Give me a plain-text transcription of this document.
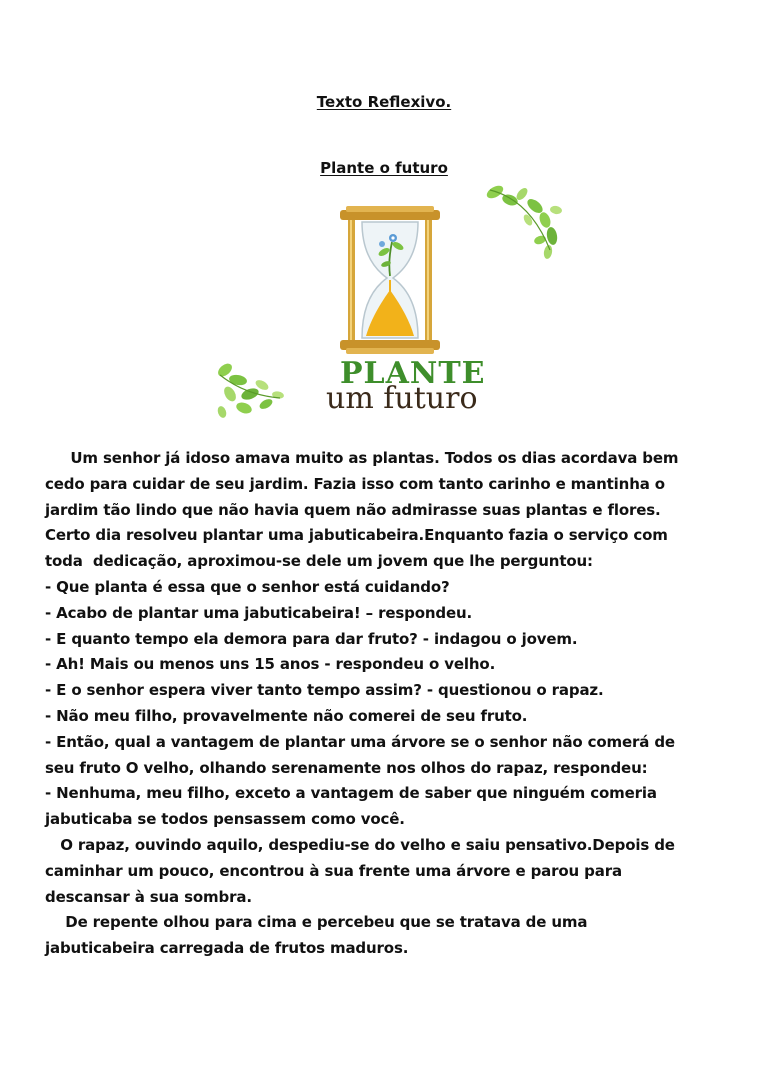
Texto Reflexivo.
Plante o futuro
PLANTE
um futuro
Um senhor já idoso amava muito as plantas. Todos os dias acordava bem
cedo para cuidar de seu jardim. Fazia isso com tanto carinho e mantinha o
jardim tão lindo que não havia quem não admirasse suas plantas e flores.
Certo dia resolveu plantar uma jabuticabeira.Enquanto fazia o serviço com
toda  dedicação, aproximou-se dele um jovem que lhe perguntou:
- Que planta é essa que o senhor está cuidando?
- Acabo de plantar uma jabuticabeira! – respondeu.
- E quanto tempo ela demora para dar fruto? - indagou o jovem.
- Ah! Mais ou menos uns 15 anos - respondeu o velho.
- E o senhor espera viver tanto tempo assim? - questionou o rapaz.
- Não meu filho, provavelmente não comerei de seu fruto.
- Então, qual a vantagem de plantar uma árvore se o senhor não comerá de
seu fruto O velho, olhando serenamente nos olhos do rapaz, respondeu:
- Nenhuma, meu filho, exceto a vantagem de saber que ninguém comeria
jabuticaba se todos pensassem como você.
O rapaz, ouvindo aquilo, despediu-se do velho e saiu pensativo.Depois de
caminhar um pouco, encontrou à sua frente uma árvore e parou para
descansar à sua sombra.
De repente olhou para cima e percebeu que se tratava de uma
jabuticabeira carregada de frutos maduros.
